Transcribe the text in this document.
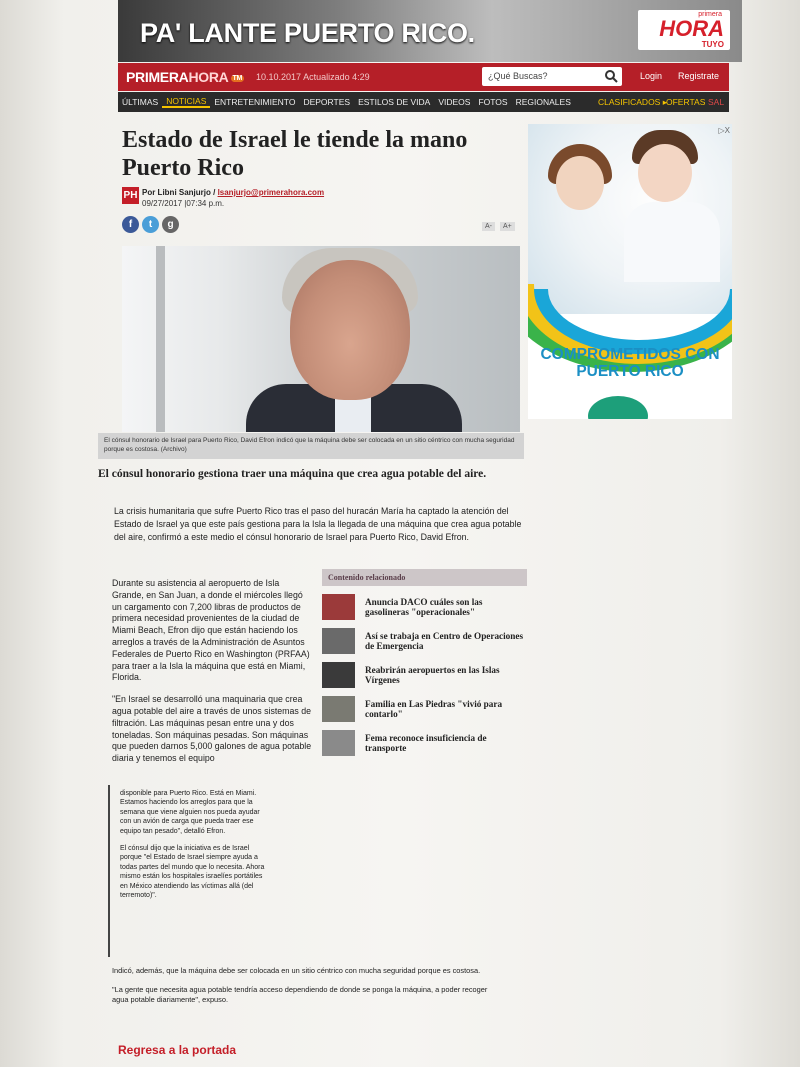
PA' LANTE PUERTO RICO.
primera
HORA
TUYO
PRIMERAHORA TM 10.10.2017 Actualizado 4:29	¿Qué Buscas?	Login Registrate
ÚLTIMAS NOTICIAS ENTRETENIMIENTO DEPORTES ESTILOS DE VIDA VIDEOS FOTOS REGIONALES	CLASIFICADOS ▸ OFERTAS SAL
Estado de Israel le tiende la mano Puerto Rico
PH Por Libni Sanjurjo / lsanjurjo@primerahora.com
09/27/2017 |07:34 p.m.
f	t	g	A- A+
El cónsul honorario de Israel para Puerto Rico, David Efron indicó que la máquina debe ser colocada en un sitio céntrico con mucha seguridad porque es costosa. (Archivo)
El cónsul honorario gestiona traer una máquina que crea agua potable del aire.
La crisis humanitaria que sufre Puerto Rico tras el paso del huracán María ha captado la atención del Estado de Israel ya que este país gestiona para la Isla la llegada de una máquina que crea agua potable del aire, confirmó a este medio el cónsul honorario de Israel para Puerto Rico, David Efron.

Durante su asistencia al aeropuerto de Isla Grande, en San Juan, a donde el miércoles llegó un cargamento con 7,200 libras de productos de primera necesidad provenientes de la ciudad de Miami Beach, Efron dijo que están haciendo los arreglos a través de la Administración de Asuntos Federales de Puerto Rico en Washington (PRFAA) para traer a la Isla la máquina que está en Miami, Florida.

"En Israel se desarrolló una maquinaria que crea agua potable del aire a través de unos sistemas de filtración. Las máquinas pesan entre una y dos toneladas. Son máquinas pesadas. Son máquinas que pueden darnos 5,000 galones de agua potable diaria y tenemos el equipo

Contenido relacionado
Anuncia DACO cuáles son las gasolineras "operacionales"
Así se trabaja en Centro de Operaciones de Emergencia
Reabrirán aeropuertos en las Islas Vírgenes
Familia en Las Piedras "vivió para contarlo"
Fema reconoce insuficiencia de transporte

disponible para Puerto Rico. Está en Miami. Estamos haciendo los arreglos para que la semana que viene alguien nos pueda ayudar con un avión de carga que pueda traer ese equipo tan pesado", detalló Efron.

El cónsul dijo que la iniciativa es de Israel porque "el Estado de Israel siempre ayuda a todas partes del mundo que lo necesita. Ahora mismo están los hospitales israelíes portátiles en México atendiendo las víctimas allá (del terremoto)".

Indicó, además, que la máquina debe ser colocada en un sitio céntrico con mucha seguridad porque es costosa.

"La gente que necesita agua potable tendría acceso dependiendo de donde se ponga la máquina, a poder recoger agua potable diariamente", expuso.

Regresa a la portada
COMPROMETIDOS CON PUERTO RICO
▷X
